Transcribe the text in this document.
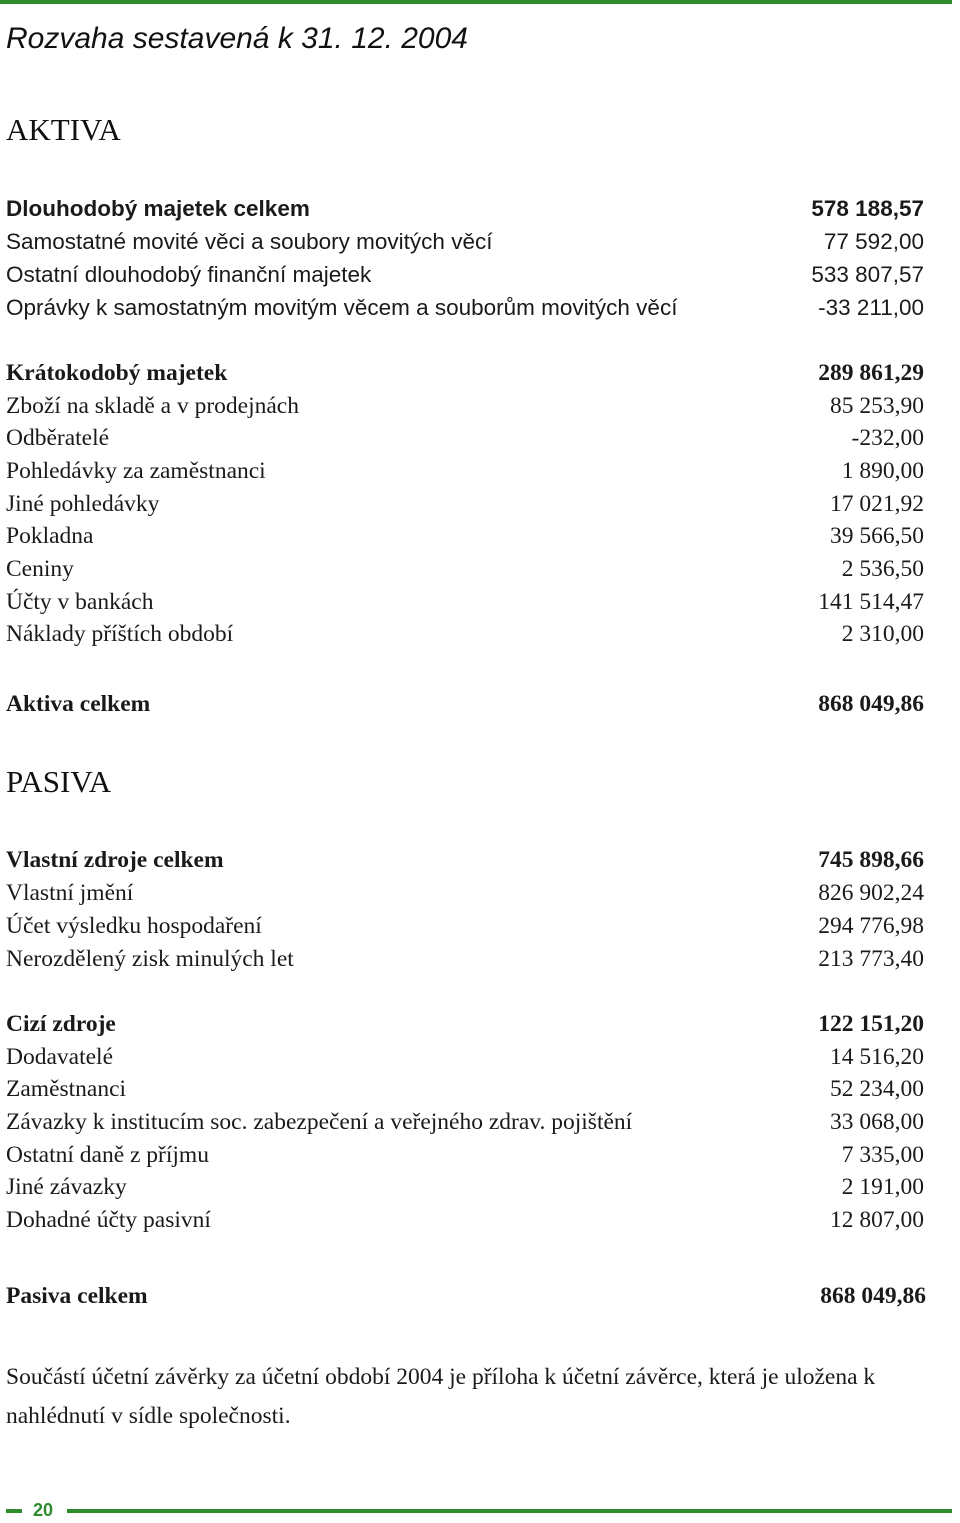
Rozvaha sestavená k 31. 12. 2004
AKTIVA
Dlouhodobý majetek celkem	578 188,57
Samostatné movité věci a soubory movitých věcí	77 592,00
Ostatní dlouhodobý finanční majetek	533 807,57
Oprávky k samostatným movitým věcem a souborům movitých věcí	-33 211,00
Krátokodobý majetek	289 861,29
Zboží na skladě a v prodejnách	85 253,90
Odběratelé	-232,00
Pohledávky za zaměstnanci	1 890,00
Jiné pohledávky	17 021,92
Pokladna	39 566,50
Ceniny	2 536,50
Účty v bankách	141 514,47
Náklady příštích období	2 310,00
Aktiva celkem	868 049,86
PASIVA
Vlastní zdroje celkem	745 898,66
Vlastní jmění	826 902,24
Účet výsledku hospodaření	294 776,98
Nerozdělený zisk minulých let	213 773,40
Cizí zdroje	122 151,20
Dodavatelé	14 516,20
Zaměstnanci	52 234,00
Závazky k institucím soc. zabezpečení a veřejného zdrav. pojištění	33 068,00
Ostatní daně z příjmu	7 335,00
Jiné závazky	2 191,00
Dohadné účty pasivní	12 807,00
Pasiva celkem	868 049,86
Součástí účetní závěrky za účetní období 2004 je příloha k účetní závěrce, která je uložena k nahlédnutí v sídle společnosti.
20
